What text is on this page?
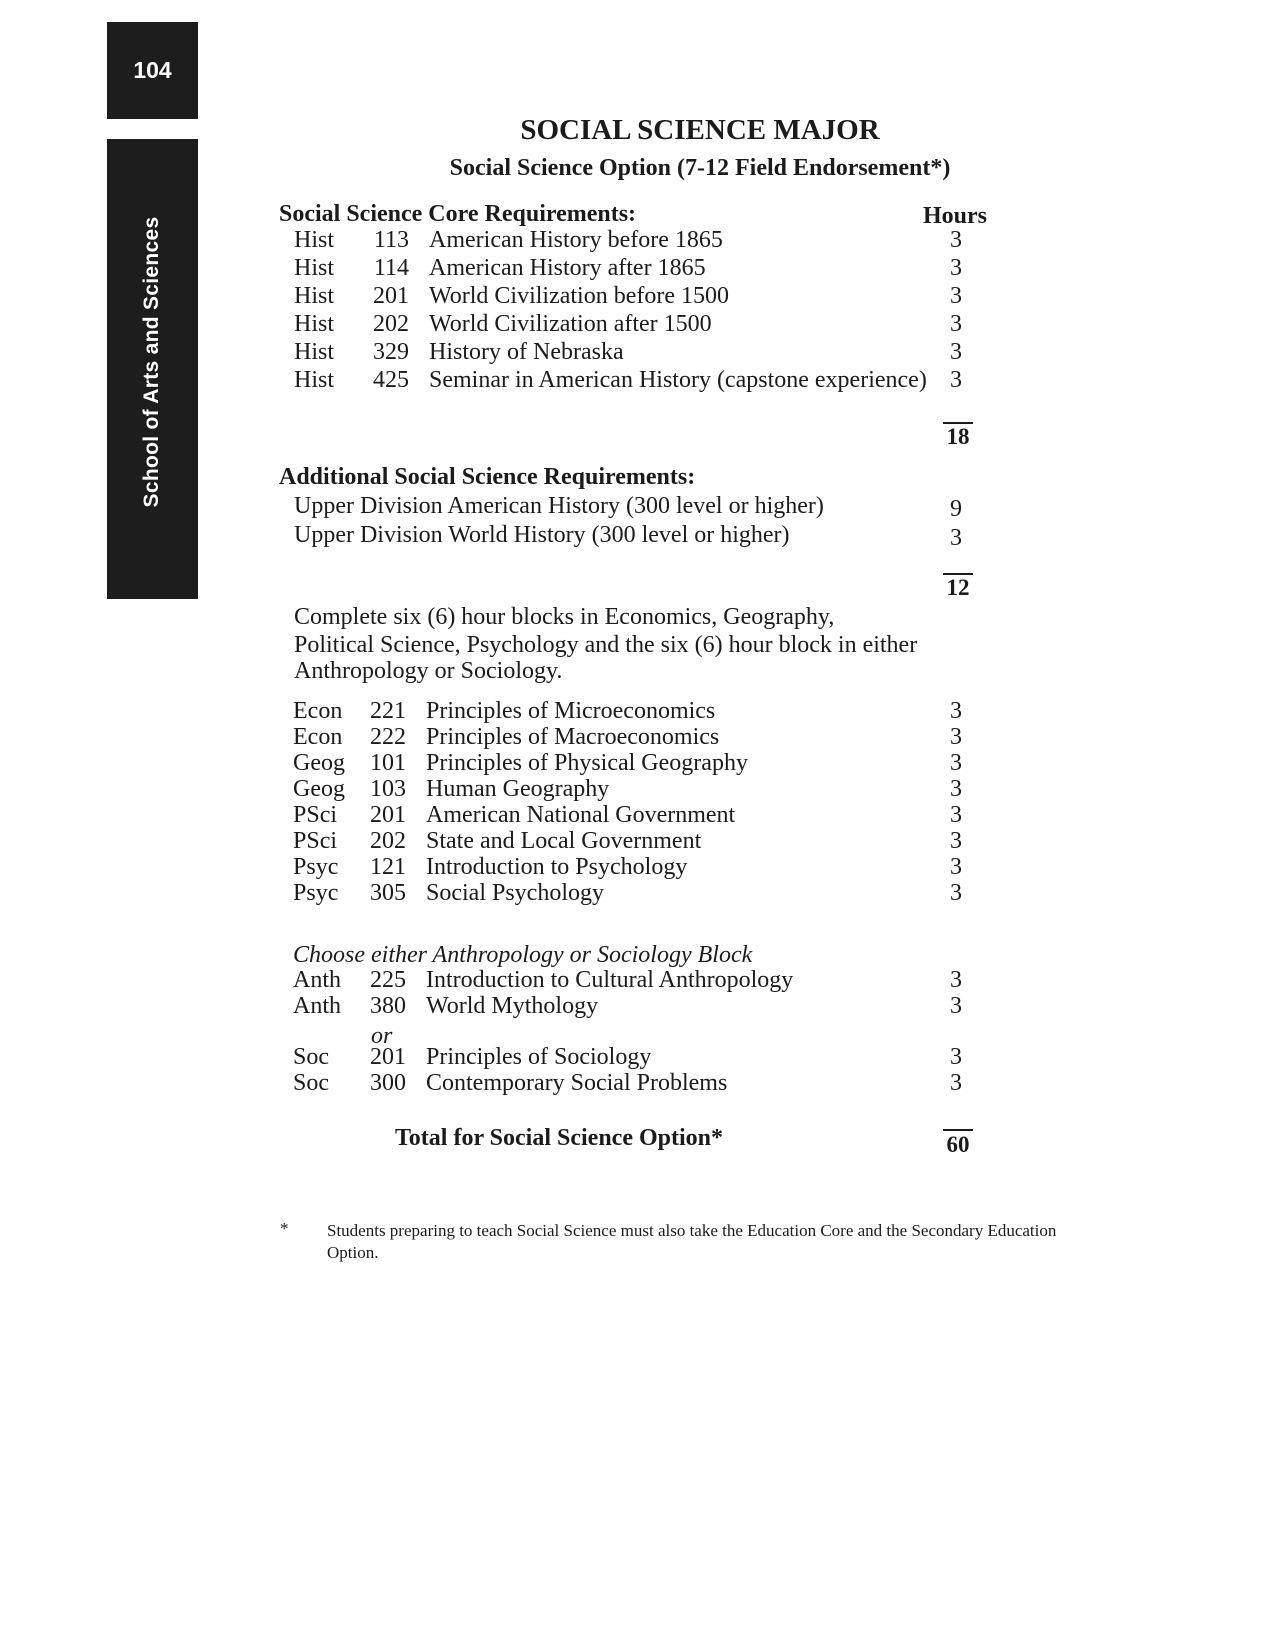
104
School of Arts and Sciences
SOCIAL SCIENCE MAJOR
Social Science Option (7-12 Field Endorsement*)
Social Science Core Requirements:	Hours
Hist	113 American History before 1865	3
Hist	114 American History after 1865	3
Hist	201 World Civilization before 1500	3
Hist	202 World Civilization after 1500	3
Hist	329 History of Nebraska	3
Hist	425 Seminar in American History (capstone experience) 3
18
Additional Social Science Requirements:
Upper Division American History (300 level or higher)	9
Upper Division World History (300 level or higher)	3
12
Complete six (6) hour blocks in Economics, Geography,
Political Science, Psychology and the six (6) hour block in either
Anthropology or Sociology.
Econ	221 Principles of Microeconomics	3
Econ	222 Principles of Macroeconomics	3
Geog	101 Principles of Physical Geography	3
Geog	103 Human Geography	3
PSci	201 American National Government	3
PSci	202 State and Local Government	3
Psyc	121 Introduction to Psychology	3
Psyc	305 Social Psychology	3
Choose either Anthropology or Sociology Block
Anth	225 Introduction to Cultural Anthropology	3
Anth	380 World Mythology	3
or
Soc	201 Principles of Sociology	3
Soc	300 Contemporary Social Problems	3
Total for Social Science Option*	60
* Students preparing to teach Social Science must also take the Education Core and the Secondary Education Option.
